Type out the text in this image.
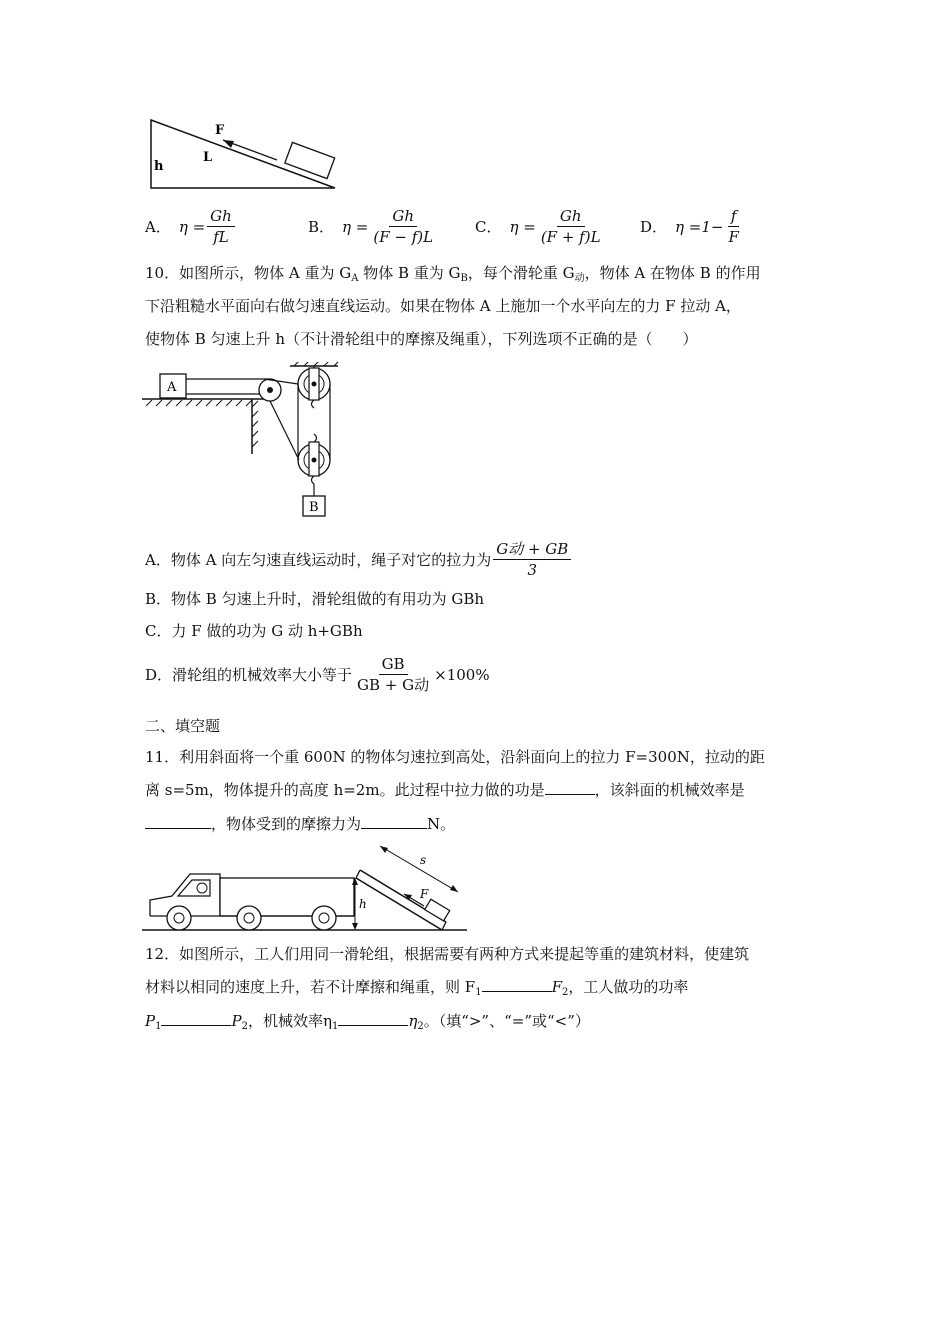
F
L
h
A． $\eta = \frac{Gh}{fL}$	B． $\eta = \frac{Gh}{(F - f)L}$	C． $\eta = \frac{Gh}{(F + f)L}$ D． $\eta =1- \frac{f}{F}$
10．如图所示，物体 A 重为 $G_A$ 物体 B 重为 $G_B$，每个滑轮重 $G_动$，物体 A 在物体 B 的作用
下沿粗糙水平面向右做匀速直线运动。如果在物体 A 上施加一个水平向左的力 F 拉动 A，
使物体 B 匀速上升 h（不计滑轮组中的摩擦及绳重），下列选项不正确的是（　　）
A
B
A．物体 A 向左匀速直线运动时，绳子对它的拉力为 $\frac{\text{G动 + GB}}{3}$
B．物体 B 匀速上升时，滑轮组做的有用功为 GBh
C．力 F 做的功为 G 动 h+GBh
D．滑轮组的机械效率大小等于 $\frac{GB}{\text{GB + G动}} \times 100\%$
二、填空题
11．利用斜面将一个重 600N 的物体匀速拉到高处，沿斜面向上的拉力 F=300N，拉动的距
离 s=5m，物体提升的高度 h=2m。此过程中拉力做的功是	，该斜面的机械效率是
，物体受到的摩擦力为	N。
h
F
s
12．如图所示，工人们用同一滑轮组，根据需要有两种方式来提起等重的建筑材料，使建筑
材料以相同的速度上升，若不计摩擦和绳重，则 $F_1$	$F_2$，工人做功的功率
$P_1$	$P_2$，机械效率$\eta_1$	$\eta_2$。（填“>”、“=”或“<”）
